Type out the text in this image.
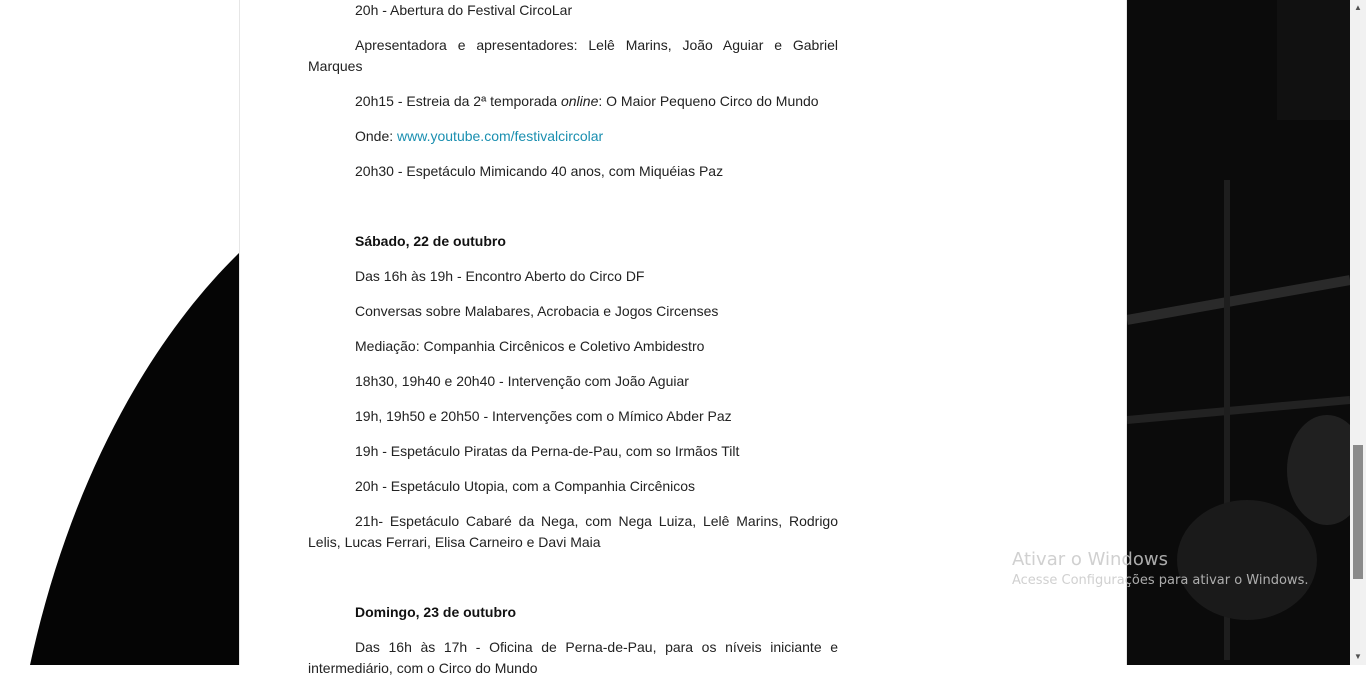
20h - Abertura do Festival CircoLar

Apresentadora e apresentadores: Lelê Marins, João Aguiar e Gabriel Marques

20h15 - Estreia da 2ª temporada online: O Maior Pequeno Circo do Mundo

Onde: www.youtube.com/festivalcircolar

20h30 - Espetáculo Mimicando 40 anos, com Miquéias Paz

Sábado, 22 de outubro

Das 16h às 19h - Encontro Aberto do Circo DF

Conversas sobre Malabares, Acrobacia e Jogos Circenses

Mediação: Companhia Circênicos e Coletivo Ambidestro

18h30, 19h40 e 20h40 - Intervenção com João Aguiar

19h, 19h50 e 20h50 - Intervenções com o Mímico Abder Paz

19h - Espetáculo Piratas da Perna-de-Pau, com so Irmãos Tilt

20h - Espetáculo Utopia, com a Companhia Circênicos

21h- Espetáculo Cabaré da Nega, com Nega Luiza, Lelê Marins, Rodrigo Lelis, Lucas Ferrari, Elisa Carneiro e Davi Maia

Domingo, 23 de outubro

Das 16h às 17h - Oficina de Perna-de-Pau, para os níveis iniciante e intermediário, com o Circo do Mundo

Ativar o Windows
Acesse Configurações para ativar o Windows.
▲
▼
